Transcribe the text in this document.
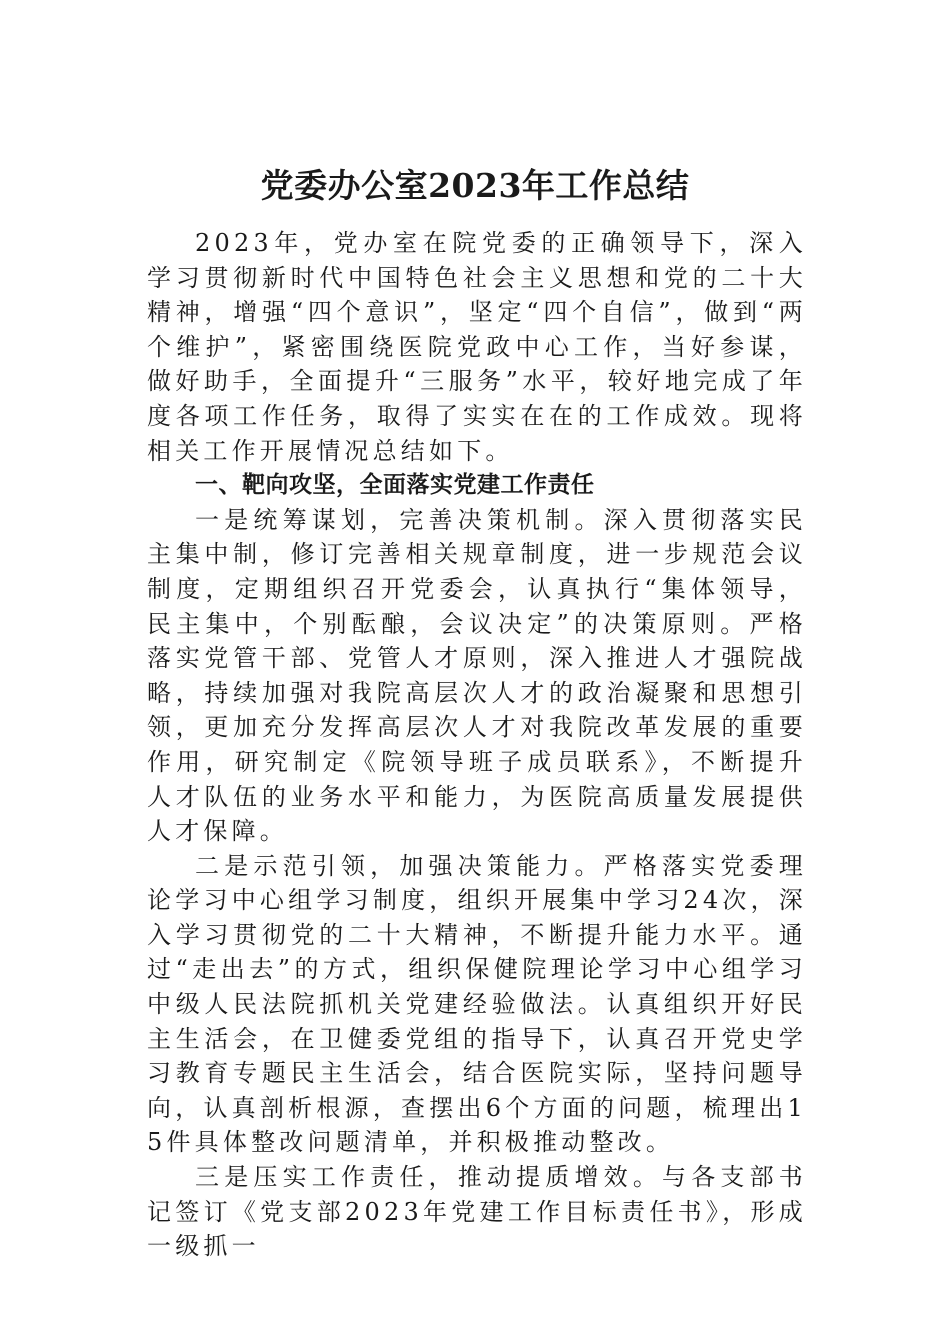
党委办公室2023年工作总结

2023年，党办室在院党委的正确领导下，深入学习贯彻新时代中国特色社会主义思想和党的二十大精神，增强“四个意识”，坚定“四个自信”，做到“两个维护”，紧密围绕医院党政中心工作，当好参谋，做好助手，全面提升“三服务”水平，较好地完成了年度各项工作任务，取得了实实在在的工作成效。现将相关工作开展情况总结如下。

一、靶向攻坚，全面落实党建工作责任

一是统筹谋划，完善决策机制。深入贯彻落实民主集中制，修订完善相关规章制度，进一步规范会议制度，定期组织召开党委会，认真执行“集体领导，民主集中，个别酝酿，会议决定”的决策原则。严格落实党管干部、党管人才原则，深入推进人才强院战略，持续加强对我院高层次人才的政治凝聚和思想引领，更加充分发挥高层次人才对我院改革发展的重要作用，研究制定《院领导班子成员联系》，不断提升人才队伍的业务水平和能力，为医院高质量发展提供人才保障。

二是示范引领，加强决策能力。严格落实党委理论学习中心组学习制度，组织开展集中学习24次，深入学习贯彻党的二十大精神，不断提升能力水平。通过“走出去”的方式，组织保健院理论学习中心组学习中级人民法院抓机关党建经验做法。认真组织开好民主生活会，在卫健委党组的指导下，认真召开党史学习教育专题民主生活会，结合医院实际，坚持问题导向，认真剖析根源，查摆出6个方面的问题，梳理出15件具体整改问题清单，并积极推动整改。

三是压实工作责任，推动提质增效。与各支部书记签订《党支部2023年党建工作目标责任书》，形成一级抓一
